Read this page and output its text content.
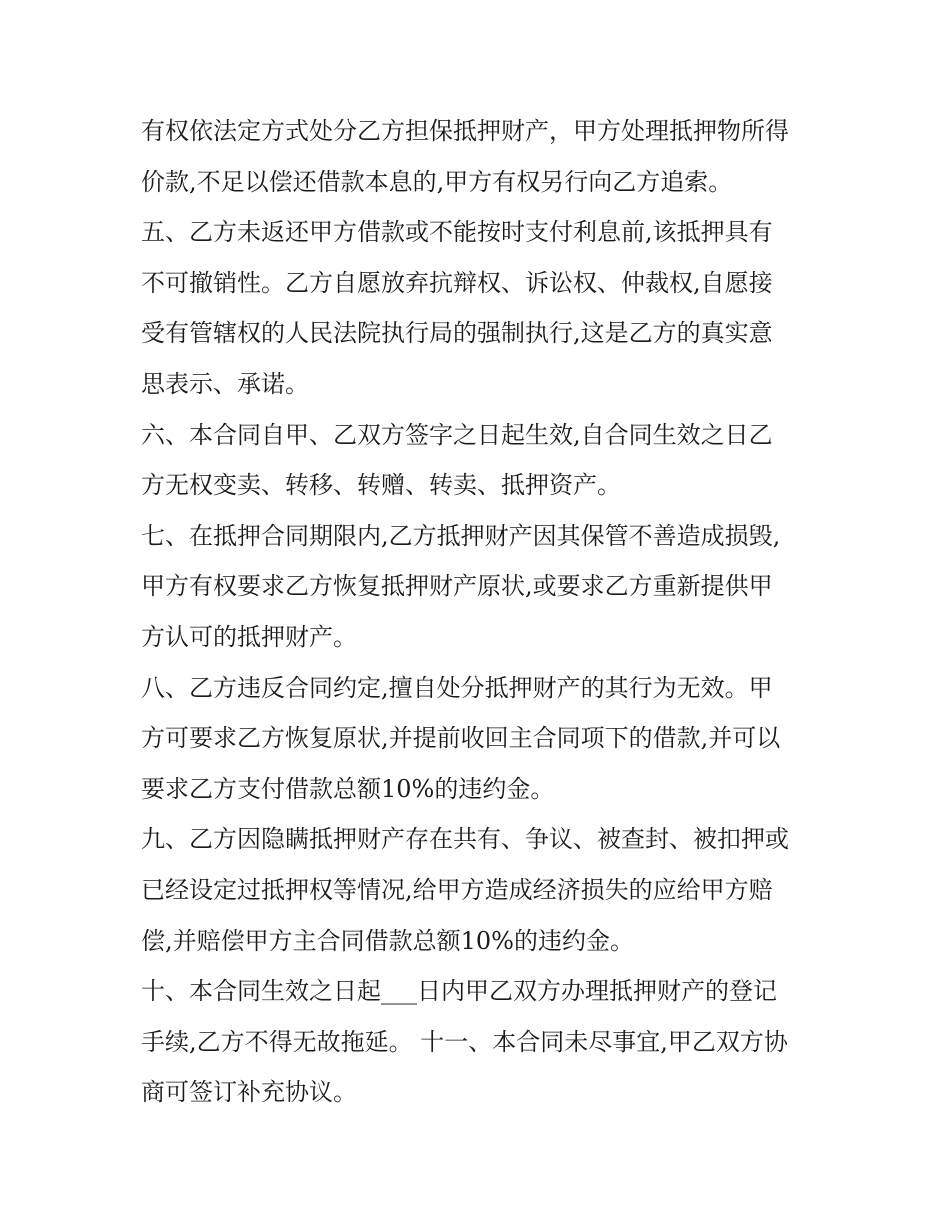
有权依法定方式处分乙方担保抵押财产，甲方处理抵押物所得
价款,不足以偿还借款本息的,甲方有权另行向乙方追索。

五、乙方未返还甲方借款或不能按时支付利息前,该抵押具有
不可撤销性。乙方自愿放弃抗辩权、诉讼权、仲裁权,自愿接
受有管辖权的人民法院执行局的强制执行,这是乙方的真实意
思表示、承诺。

六、本合同自甲、乙双方签字之日起生效,自合同生效之日乙
方无权变卖、转移、转赠、转卖、抵押资产。

七、在抵押合同期限内,乙方抵押财产因其保管不善造成损毁,
甲方有权要求乙方恢复抵押财产原状,或要求乙方重新提供甲
方认可的抵押财产。

八、乙方违反合同约定,擅自处分抵押财产的其行为无效。甲
方可要求乙方恢复原状,并提前收回主合同项下的借款,并可以
要求乙方支付借款总额10%的违约金。

九、乙方因隐瞒抵押财产存在共有、争议、被查封、被扣押或
已经设定过抵押权等情况,给甲方造成经济损失的应给甲方赔
偿,并赔偿甲方主合同借款总额10%的违约金。

十、本合同生效之日起___日内甲乙双方办理抵押财产的登记
手续,乙方不得无故拖延。 十一、本合同未尽事宜,甲乙双方协
商可签订补充协议。
